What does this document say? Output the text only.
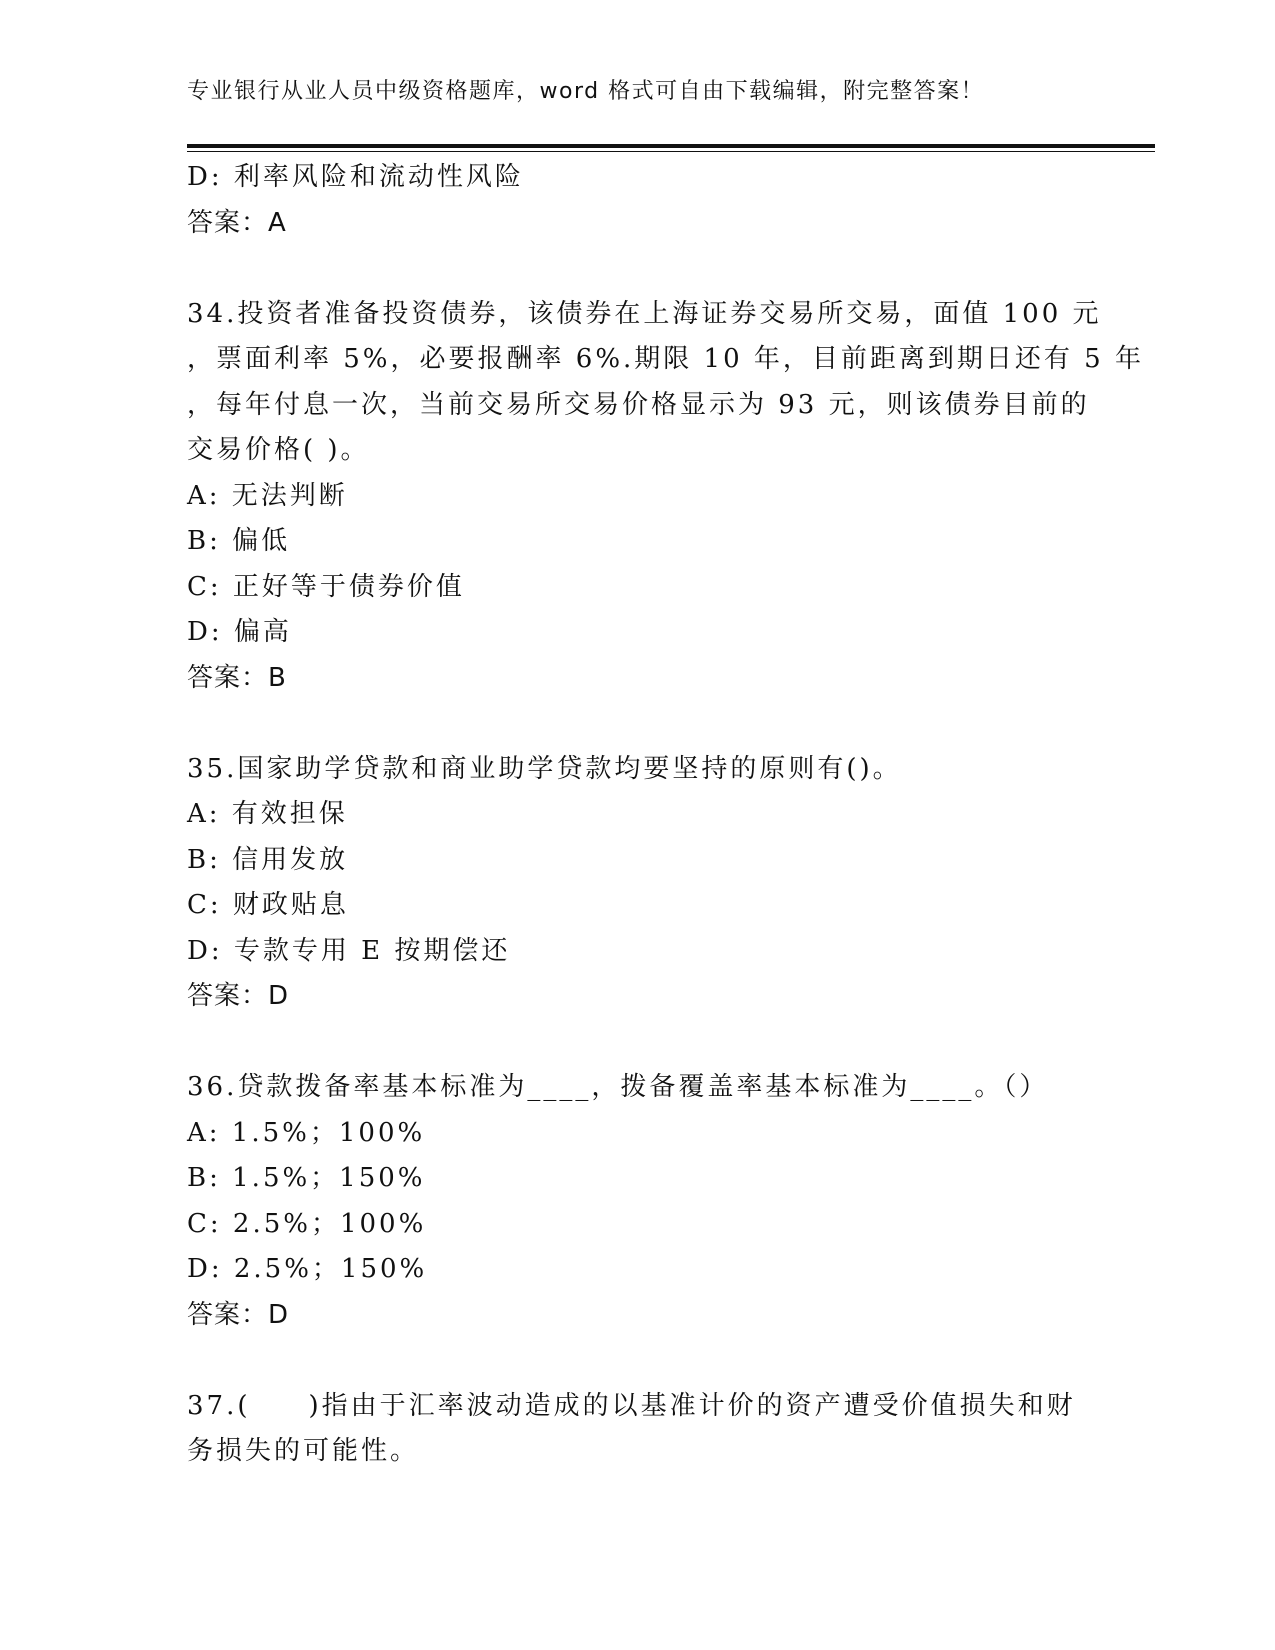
专业银行从业人员中级资格题库，word 格式可自由下载编辑，附完整答案！
D: 利率风险和流动性风险
答案：A
34.投资者准备投资债券，该债券在上海证券交易所交易，面值 100 元
，票面利率 5%，必要报酬率 6%.期限 10 年，目前距离到期日还有 5 年
，每年付息一次，当前交易所交易价格显示为 93 元，则该债券目前的
交易价格( )。
A: 无法判断
B: 偏低
C: 正好等于债券价值
D: 偏高
答案：B
35.国家助学贷款和商业助学贷款均要坚持的原则有()。
A: 有效担保
B: 信用发放
C: 财政贴息
D: 专款专用 E 按期偿还
答案：D
36.贷款拨备率基本标准为____，拨备覆盖率基本标准为____。（）
A: 1.5%；100%
B: 1.5%；150%
C: 2.5%；100%
D: 2.5%；150%
答案：D
37.(　　)指由于汇率波动造成的以基准计价的资产遭受价值损失和财
务损失的可能性。
